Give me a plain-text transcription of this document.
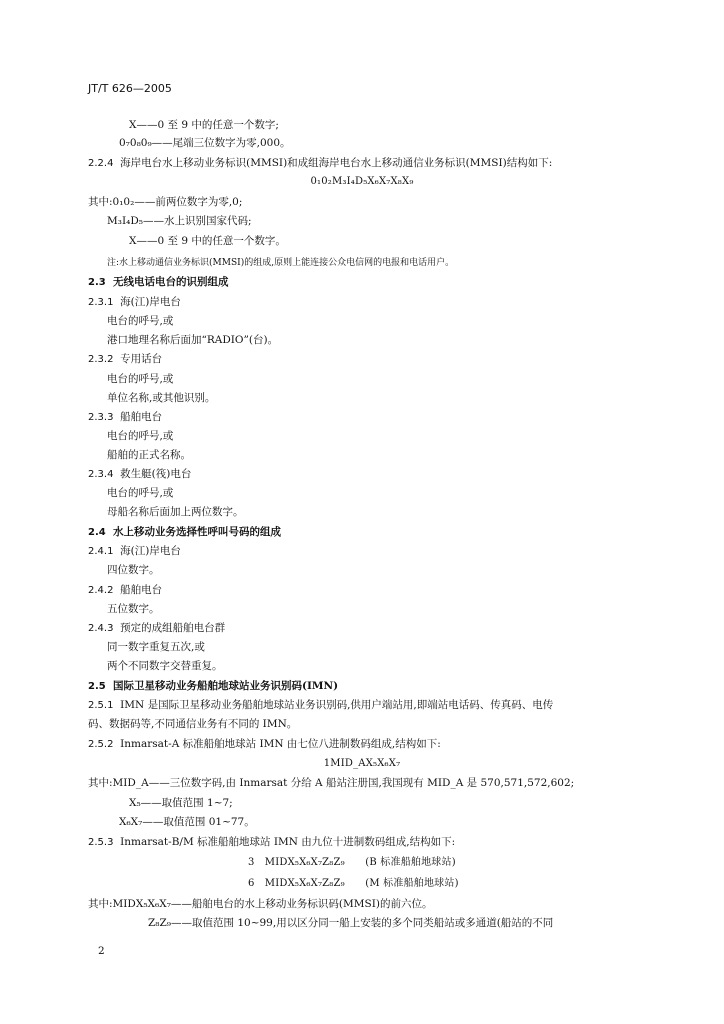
JT/T 626—2005
X——0 至 9 中的任意一个数字;
0₇0₈0₉——尾端三位数字为零,000。
2.2.4 海岸电台水上移动业务标识(MMSI)和成组海岸电台水上移动通信业务标识(MMSI)结构如下:
0₁0₂M₃I₄D₅X₆X₇X₈X₉
其中:0₁0₂——前两位数字为零,0;
M₃I₄D₅——水上识别国家代码;
X——0 至 9 中的任意一个数字。
注:水上移动通信业务标识(MMSI)的组成,原则上能连接公众电信网的电报和电话用户。
2.3 无线电话电台的识别组成
2.3.1 海(江)岸电台
电台的呼号,或
港口地理名称后面加“RADIO”(台)。
2.3.2 专用话台
电台的呼号,或
单位名称,或其他识别。
2.3.3 船舶电台
电台的呼号,或
船舶的正式名称。
2.3.4 救生艇(筏)电台
电台的呼号,或
母船名称后面加上两位数字。
2.4 水上移动业务选择性呼叫号码的组成
2.4.1 海(江)岸电台
四位数字。
2.4.2 船舶电台
五位数字。
2.4.3 预定的成组船舶电台群
同一数字重复五次,或
两个不同数字交替重复。
2.5 国际卫星移动业务船舶地球站业务识别码(IMN)
2.5.1 IMN 是国际卫星移动业务船舶地球站业务识别码,供用户端站用,即端站电话码、传真码、电传
码、数据码等,不同通信业务有不同的 IMN。
2.5.2 Inmarsat-A 标准船舶地球站 IMN 由七位八进制数码组成,结构如下:
1MID_AX₅X₆X₇
其中:MID_A——三位数字码,由 Inmarsat 分给 A 船站注册国,我国现有 MID_A 是 570,571,572,602;
X₅——取值范围 1~7;
X₆X₇——取值范围 01~77。
2.5.3 Inmarsat-B/M 标准船舶地球站 IMN 由九位十进制数码组成,结构如下:
3　MIDX₅X₆X₇Z₈Z₉　　(B 标准船舶地球站)
6　MIDX₅X₆X₇Z₈Z₉　　(M 标准船舶地球站)
其中:MIDX₅X₆X₇——船舶电台的水上移动业务标识码(MMSI)的前六位。
Z₈Z₉——取值范围 10~99,用以区分同一船上安装的多个同类船站或多通道(船站的不同
2
